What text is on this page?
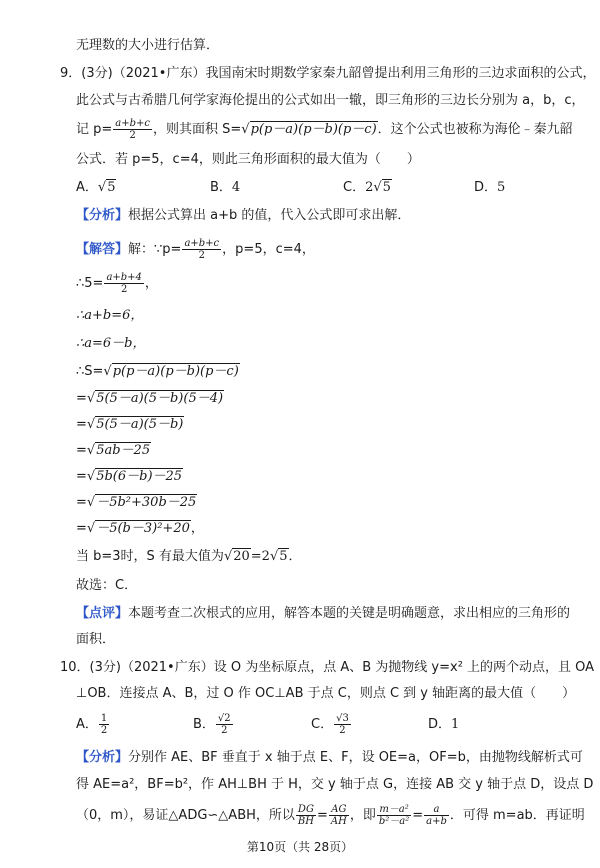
无理数的大小进行估算．
9．(3分)（2021•广东）我国南宋时期数学家秦九韶曾提出利用三角形的三边求面积的公式，
此公式与古希腊几何学家海伦提出的公式如出一辙，即三角形的三边长分别为 a，b，c，
记 $p= \frac{a+b+c}{2}$ ，则其面积 S=√p(p－a)(p－b)(p－c)．这个公式也被称为海伦﹣秦九韶
公式．若 p=5，c=4，则此三角形面积的最大值为（　　）
A．√5	B．4	C．2√5	D．5
【分析】根据公式算出 a+b 的值，代入公式即可求出解．
【解答】解：∵p= $\frac{a+b+c}{2}$ ，p=5，c=4，
∴5= $\frac{a+b+4}{2}$ ，
∴a+b=6，
∴a=6－b，
∴S=√p(p－a)(p－b)(p－c)
=√5(5－a)(5－b)(5－4)
=√5(5－a)(5－b)
=√5ab－25
=√5b(6－b)－25
=√－5b²+30b－25
=√－5(b－3)²+20，
当 b=3时，S 有最大值为√20=2√5．
故选：C．
【点评】本题考查二次根式的应用，解答本题的关键是明确题意，求出相应的三角形的
面积．
10．(3分)（2021•广东）设 O 为坐标原点，点 A、B 为抛物线 y=x² 上的两个动点，且 OA
⊥OB．连接点 A、B，过 O 作 OC⊥AB 于点 C，则点 C 到 y 轴距离的最大值（　　）
A． $\frac{1}{2}$	B． $\frac{√2}{2}$	C． $\frac{√3}{2}$	D．1
【分析】分别作 AE、BF 垂直于 x 轴于点 E、F，设 OE=a，OF=b，由抛物线解析式可
得 AE=a²，BF=b²，作 AH⊥BH 于 H，交 y 轴于点 G，连接 AB 交 y 轴于点 D，设点 D
（0，m），易证△ADG∽△ABH，所以 $\frac{DG}{BH} = \frac{AG}{AH}$ ，即 $\frac{\text{m－a²}}{\text{b²－a²}} = \frac{a}{a+b}$ ．可得 m=ab．再证明
第10页（共 28页）
